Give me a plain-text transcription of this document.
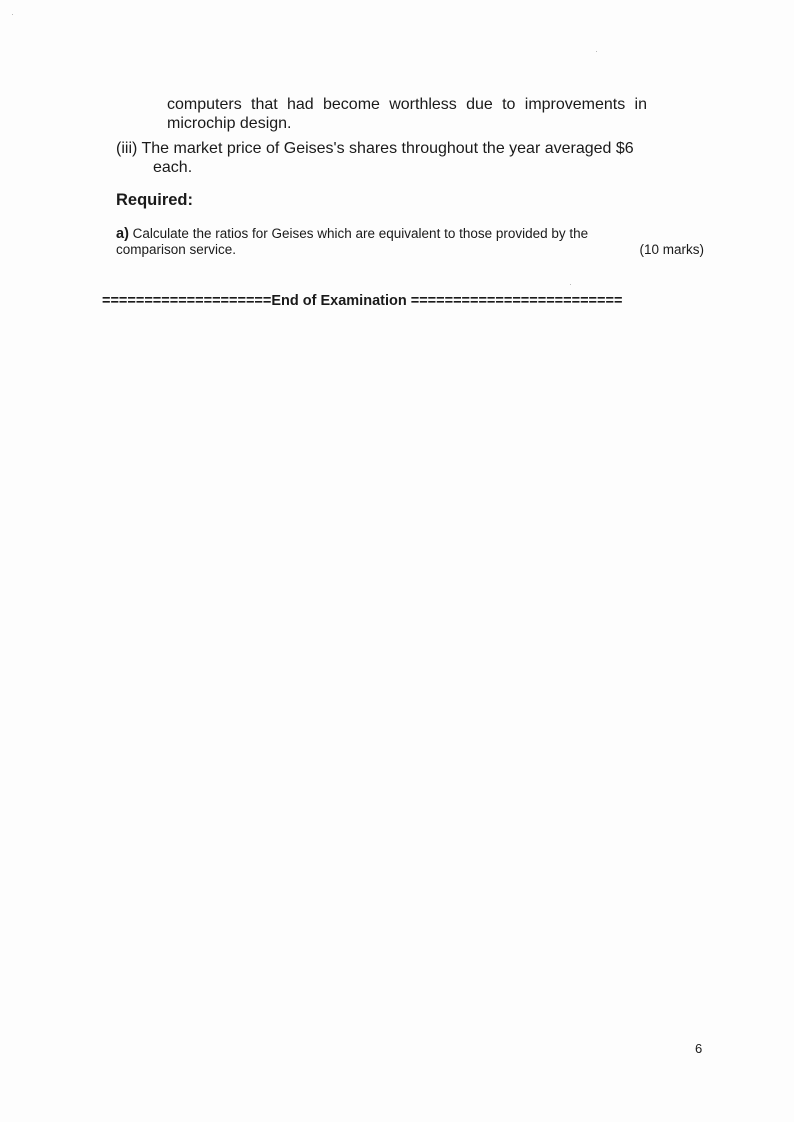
computers that had become worthless due to improvements in
microchip design.
(iii) The market price of Geises's shares throughout the year averaged $6
each.
Required:
a) Calculate the ratios for Geises which are equivalent to those provided by the
comparison service.	(10 marks)
====================End of Examination =========================
6
